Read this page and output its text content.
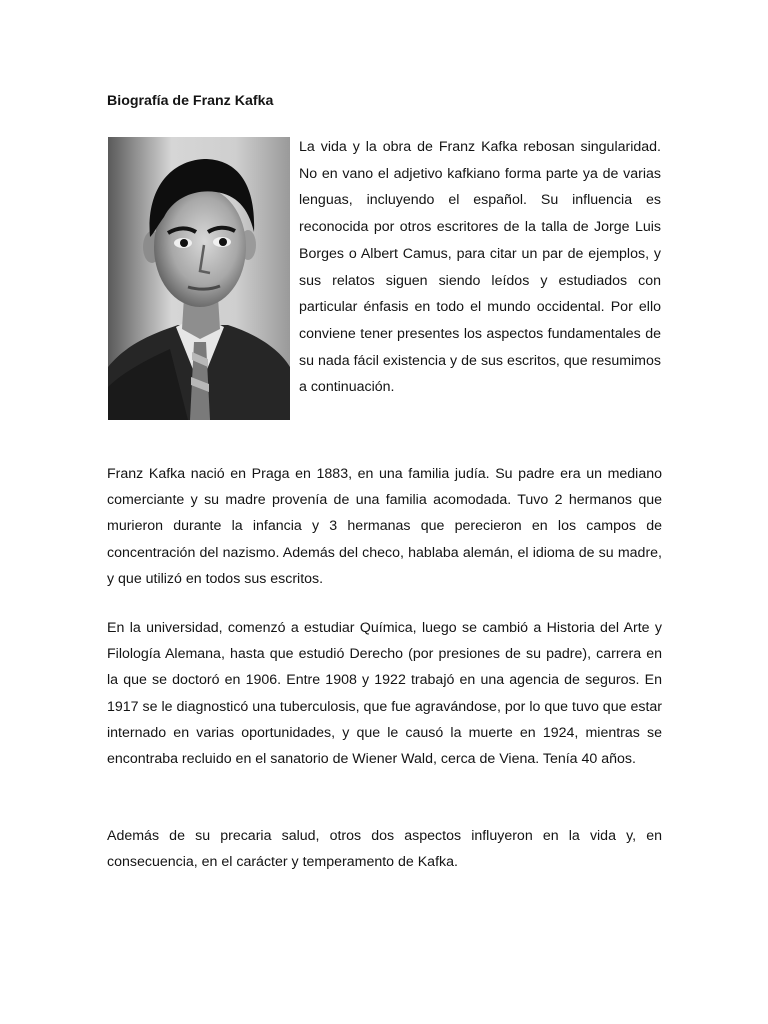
Biografía de Franz Kafka

La vida y la obra de Franz Kafka rebosan singularidad. No en vano el adjetivo kafkiano forma parte ya de varias lenguas, incluyendo el español. Su influencia es reconocida por otros escritores de la talla de Jorge Luis Borges o Albert Camus, para citar un par de ejemplos, y sus relatos siguen siendo leídos y estudiados con particular énfasis en todo el mundo occidental. Por ello conviene tener presentes los aspectos fundamentales de su nada fácil existencia y de sus escritos, que resumimos a continuación.

Franz Kafka nació en Praga en 1883, en una familia judía. Su padre era un mediano comerciante y su madre provenía de una familia acomodada. Tuvo 2 hermanos que murieron durante la infancia y 3 hermanas que perecieron en los campos de concentración del nazismo. Además del checo, hablaba alemán, el idioma de su madre, y que utilizó en todos sus escritos.

En la universidad, comenzó a estudiar Química, luego se cambió a Historia del Arte y Filología Alemana, hasta que estudió Derecho (por presiones de su padre), carrera en la que se doctoró en 1906. Entre 1908 y 1922 trabajó en una agencia de seguros. En 1917 se le diagnosticó una tuberculosis, que fue agravándose, por lo que tuvo que estar internado en varias oportunidades, y que le causó la muerte en 1924, mientras se encontraba recluido en el sanatorio de Wiener Wald, cerca de Viena. Tenía 40 años.

Además de su precaria salud, otros dos aspectos influyeron en la vida y, en consecuencia, en el carácter y temperamento de Kafka.
